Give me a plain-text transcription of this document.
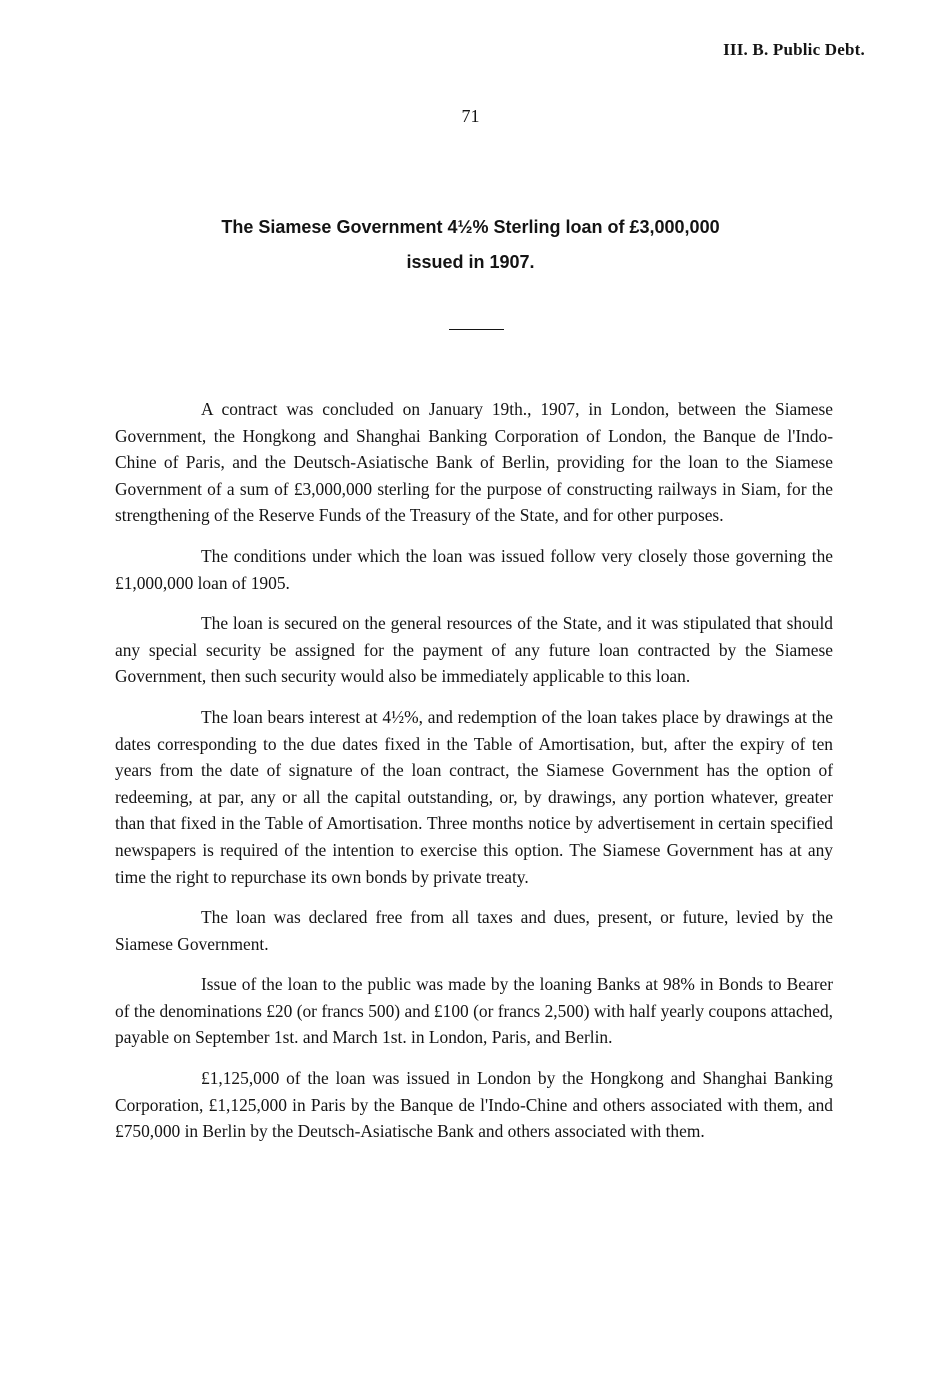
III. B. Public Debt.
71
The Siamese Government 4½% Sterling loan of £3,000,000
issued in 1907.

A contract was concluded on January 19th., 1907, in London, between the Siamese Government, the Hongkong and Shanghai Banking Corporation of London, the Banque de l'Indo-Chine of Paris, and the Deutsch-Asiatische Bank of Berlin, providing for the loan to the Siamese Government of a sum of £3,000,000 sterling for the purpose of constructing railways in Siam, for the strengthening of the Reserve Funds of the Treasury of the State, and for other purposes.

The conditions under which the loan was issued follow very closely those governing the £1,000,000 loan of 1905.

The loan is secured on the general resources of the State, and it was stipulated that should any special security be assigned for the payment of any future loan contracted by the Siamese Government, then such security would also be immediately applicable to this loan.

The loan bears interest at 4½%, and redemption of the loan takes place by drawings at the dates corresponding to the due dates fixed in the Table of Amortisation, but, after the expiry of ten years from the date of signature of the loan contract, the Siamese Government has the option of redeeming, at par, any or all the capital outstanding, or, by drawings, any portion whatever, greater than that fixed in the Table of Amortisation. Three months notice by advertisement in certain specified newspapers is required of the intention to exercise this option. The Siamese Government has at any time the right to repurchase its own bonds by private treaty.

The loan was declared free from all taxes and dues, present, or future, levied by the Siamese Government.

Issue of the loan to the public was made by the loaning Banks at 98% in Bonds to Bearer of the denominations £20 (or francs 500) and £100 (or francs 2,500) with half yearly coupons attached, payable on September 1st. and March 1st. in London, Paris, and Berlin.

£1,125,000 of the loan was issued in London by the Hongkong and Shanghai Banking Corporation, £1,125,000 in Paris by the Banque de l'Indo-Chine and others associated with them, and £750,000 in Berlin by the Deutsch-Asiatische Bank and others associated with them.
